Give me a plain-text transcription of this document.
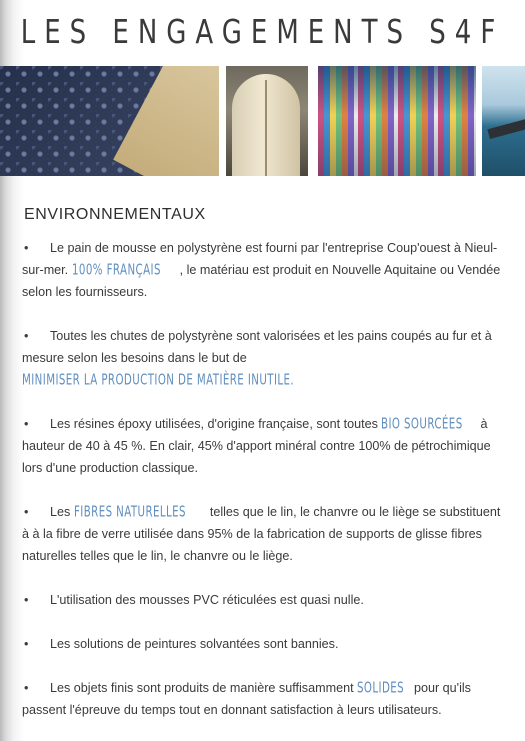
LES ENGAGEMENTS S4F
ENVIRONNEMENTAUX
• Le pain de mousse en polystyrène est fourni par l'entreprise Coup'ouest à Nieul-sur-mer. 100% FRANÇAIS , le matériau est produit en Nouvelle Aquitaine ou Vendée selon les fournisseurs.
• Toutes les chutes de polystyrène sont valorisées et les pains coupés au fur et à mesure selon les besoins dans le but de MINIMISER LA PRODUCTION DE MATIÈRE INUTILE.
• Les résines époxy utilisées, d'origine française, sont toutes BIO SOURCÉES à hauteur de 40 à 45 %. En clair, 45% d'apport minéral contre 100% de pétrochimique lors d'une production classique.
• Les FIBRES NATURELLES telles que le lin, le chanvre ou le liège se substituent à à la fibre de verre utilisée dans 95% de la fabrication de supports de glisse fibres naturelles telles que le lin, le chanvre ou le liège.
• L'utilisation des mousses PVC réticulées est quasi nulle.
• Les solutions de peintures solvantées sont bannies.
• Les objets finis sont produits de manière suffisamment SOLIDES pour qu'ils passent l'épreuve du temps tout en donnant satisfaction à leurs utilisateurs.
